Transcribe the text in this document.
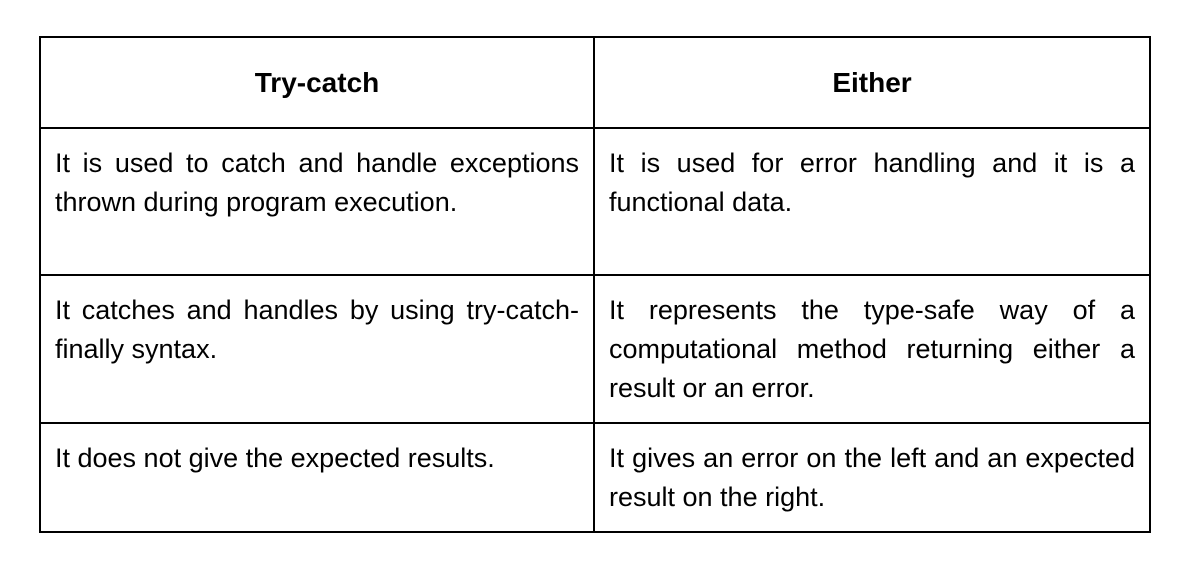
Try-catch	Either
It is used to catch and handle exceptions thrown during program execution.	It is used for error handling and it is a functional data.
It catches and handles by using try-catch-finally syntax.	It represents the type-safe way of a computational method returning either a result or an error.
It does not give the expected results.	It gives an error on the left and an expected result on the right.
